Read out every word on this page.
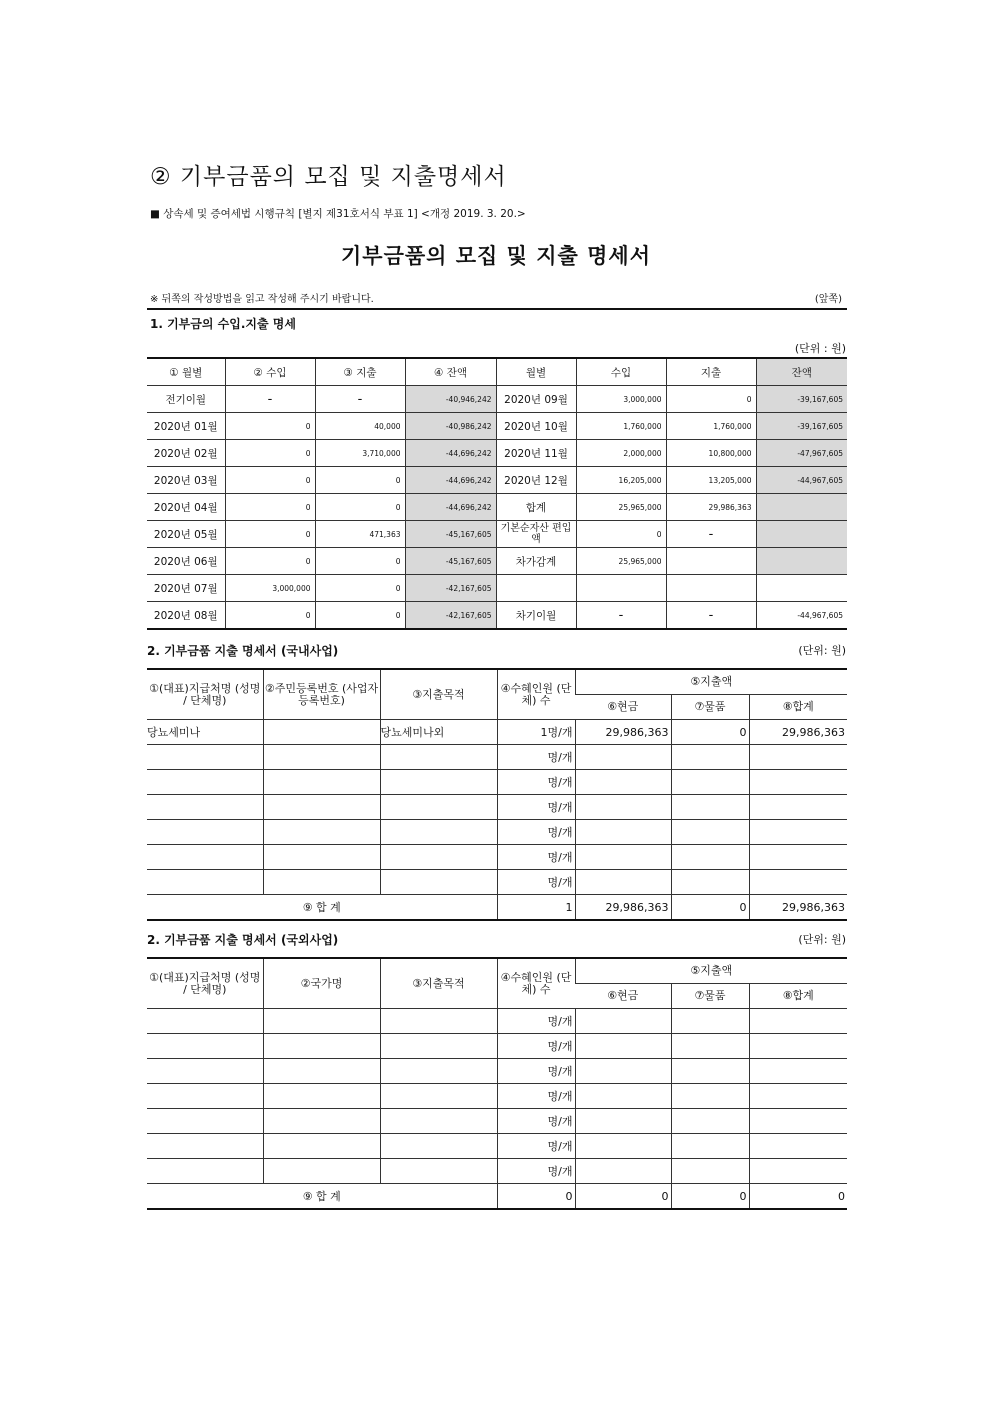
② 기부금품의 모집 및 지출명세서
■ 상속세 및 증여세법 시행규칙 [별지 제31호서식 부표 1] <개정 2019. 3. 20.>
기부금품의 모집 및 지출 명세서
※ 뒤쪽의 작성방법을 읽고 작성해 주시기 바랍니다.	(앞쪽)
1. 기부금의 수입.지출 명세
(단위 : 원)
① 월별	② 수입	③ 지출	④ 잔액	월별	수입	지출	잔액
전기이월	-	-	-40,946,242	2020년 09월	3,000,000	0	-39,167,605
2020년 01월	0	40,000	-40,986,242	2020년 10월	1,760,000	1,760,000	-39,167,605
2020년 02월	0	3,710,000	-44,696,242	2020년 11월	2,000,000	10,800,000	-47,967,605
2020년 03월	0	0	-44,696,242	2020년 12월	16,205,000	13,205,000	-44,967,605
2020년 04월	0	0	-44,696,242	합계	25,965,000	29,986,363	
2020년 05월	0	471,363	-45,167,605	기본순자산 편입액	0	-	
2020년 06월	0	0	-45,167,605	차가감계	25,965,000		
2020년 07월	3,000,000	0	-42,167,605				
2020년 08월	0	0	-42,167,605	차기이월	-	-	-44,967,605
2. 기부금품 지출 명세서 (국내사업)	(단위: 원)
①(대표)지급처명 (성명 / 단체명)	②주민등록번호 (사업자등록번호)	③지출목적	④수혜인원 (단체) 수	⑤지출액		
				⑥현금	⑦물품	⑧합계
당뇨세미나		당뇨세미나외	1명/개	29,986,363	0	29,986,363
			명/개			
			명/개			
			명/개			
			명/개			
			명/개			
			명/개			
⑨ 합 계			1	29,986,363	0	29,986,363
2. 기부금품 지출 명세서 (국외사업)	(단위: 원)
①(대표)지급처명 (성명 / 단체명)	②국가명	③지출목적	④수혜인원 (단체) 수	⑤지출액		
				⑥현금	⑦물품	⑧합계
			명/개			
			명/개			
			명/개			
			명/개			
			명/개			
			명/개			
			명/개			
⑨ 합 계			0	0	0	0
